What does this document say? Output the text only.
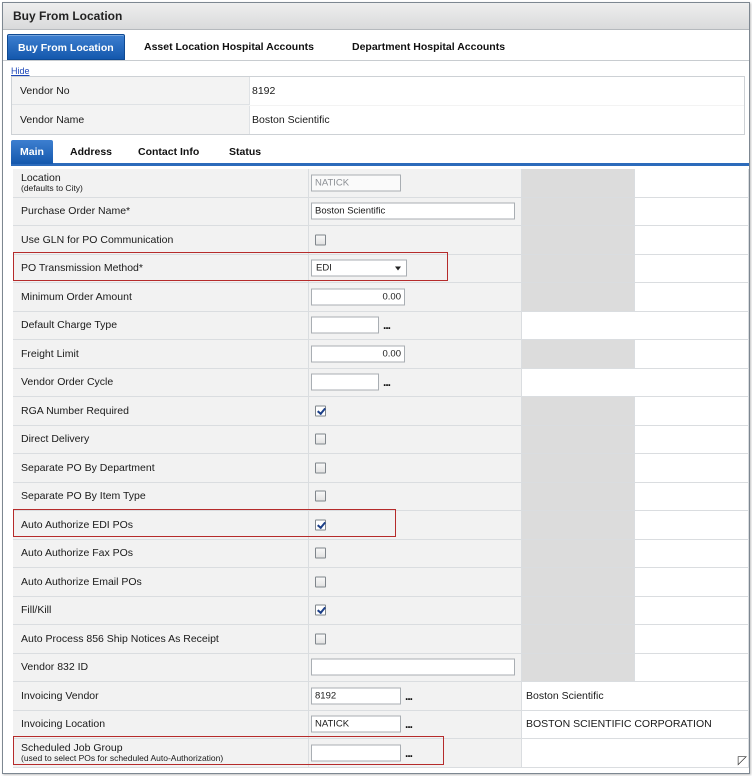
Buy From Location
Buy From Location	Asset Location Hospital Accounts	Department Hospital Accounts
Hide
Vendor No	8192
Vendor Name	Boston Scientific
Main	Address	Contact Info	Status
Location
(defaults to City)	NATICK
Purchase Order Name*	Boston Scientific
Use GLN for PO Communication
PO Transmission Method*	EDI
Minimum Order Amount	0.00
Default Charge Type	...
Freight Limit	0.00
Vendor Order Cycle	...
RGA Number Required
Direct Delivery
Separate PO By Department
Separate PO By Item Type
Auto Authorize EDI POs
Auto Authorize Fax POs
Auto Authorize Email POs
Fill/Kill
Auto Process 856 Ship Notices As Receipt
Vendor 832 ID
Invoicing Vendor	8192	...	Boston Scientific
Invoicing Location	NATICK	...	BOSTON SCIENTIFIC CORPORATION
Scheduled Job Group
(used to select POs for scheduled Auto-Authorization)	...
◸
